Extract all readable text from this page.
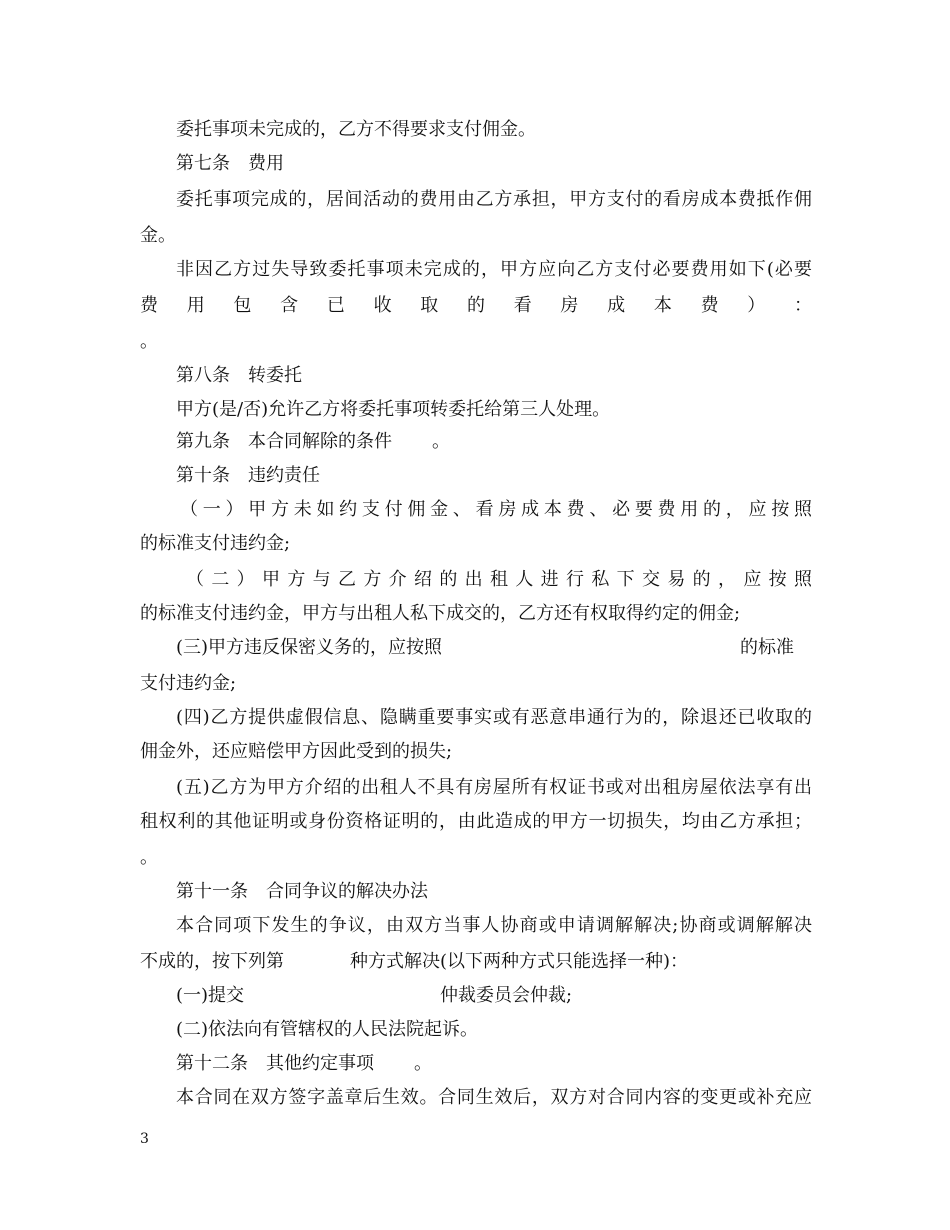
委托事项未完成的，乙方不得要求支付佣金。
第七条 费用
委托事项完成的，居间活动的费用由乙方承担，甲方支付的看房成本费抵作佣
金。
非因乙方过失导致委托事项未完成的，甲方应向乙方支付必要费用如下(必要
费 用 包 含 已 收 取 的 看 房 成 本 费 ） ：
。
第八条 转委托
甲方(是/否)允许乙方将委托事项转委托给第三人处理。
第九条 本合同解除的条件 。
第十条 违约责任
（一）甲方未如约支付佣金、看房成本费、必要费用的，应按照
的标准支付违约金;
（二）甲方与乙方介绍的出租人进行私下交易的，应按照
的标准支付违约金，甲方与出租人私下成交的，乙方还有权取得约定的佣金;
(三)甲方违反保密义务的，应按照	的标准
支付违约金;
(四)乙方提供虚假信息、隐瞒重要事实或有恶意串通行为的，除退还已收取的
佣金外，还应赔偿甲方因此受到的损失;
(五)乙方为甲方介绍的出租人不具有房屋所有权证书或对出租房屋依法享有出
租权利的其他证明或身份资格证明的，由此造成的甲方一切损失，均由乙方承担；
。
第十一条 合同争议的解决办法
本合同项下发生的争议，由双方当事人协商或申请调解解决;协商或调解解决
不成的，按下列第	种方式解决(以下两种方式只能选择一种)：
(一)提交	仲裁委员会仲裁;
(二)依法向有管辖权的人民法院起诉。
第十二条 其他约定事项 。
本合同在双方签字盖章后生效。合同生效后，双方对合同内容的变更或补充应
3
